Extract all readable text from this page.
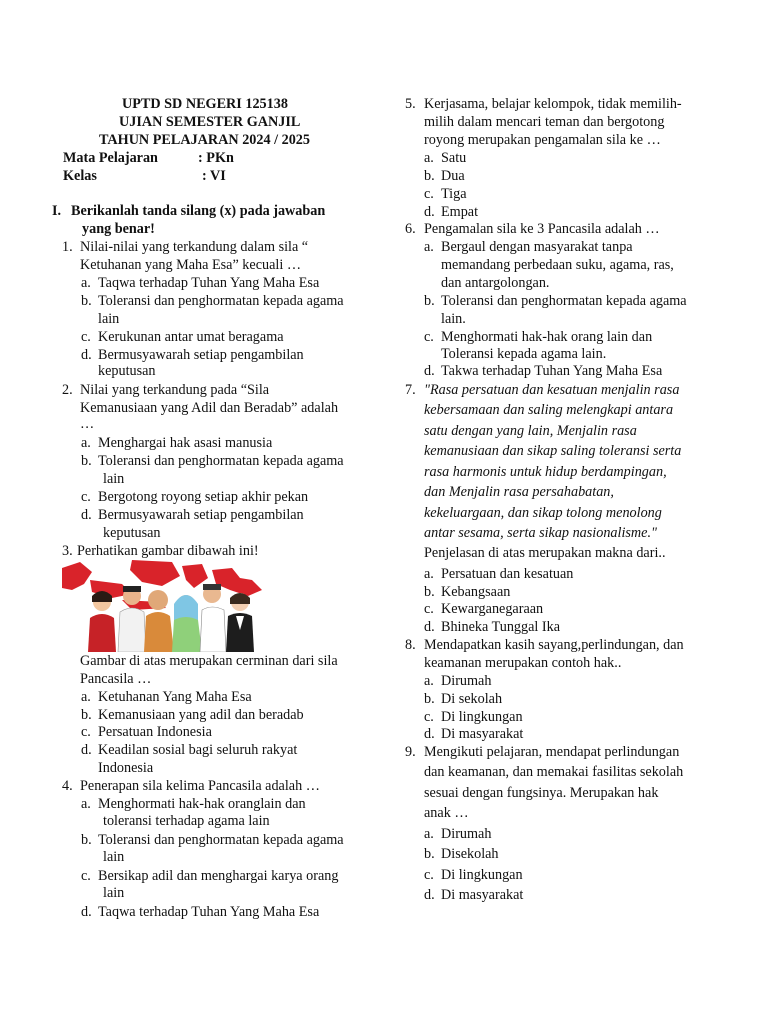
UPTD SD NEGERI 125138
UJIAN SEMESTER GANJIL
TAHUN PELAJARAN 2024 / 2025
Mata Pelajaran	: PKn
Kelas	: VI
I. Berikanlah tanda silang (x) pada jawaban
yang benar!
1. Nilai-nilai yang terkandung dalam sila “
Ketuhanan yang Maha Esa” kecuali …
a. Taqwa terhadap Tuhan Yang Maha Esa
b. Toleransi dan penghormatan kepada agama
lain
c. Kerukunan antar umat beragama
d. Bermusyawarah setiap pengambilan
keputusan
2. Nilai yang terkandung pada “Sila
Kemanusiaan yang Adil dan Beradab” adalah
…
a. Menghargai hak asasi manusia
b. Toleransi dan penghormatan kepada agama
lain
c. Bergotong royong setiap akhir pekan
d. Bermusyawarah setiap pengambilan
keputusan
3. Perhatikan gambar dibawah ini!
Gambar di atas merupakan cerminan dari sila
Pancasila …
a. Ketuhanan Yang Maha Esa
b. Kemanusiaan yang adil dan beradab
c. Persatuan Indonesia
d. Keadilan sosial bagi seluruh rakyat
Indonesia
4. Penerapan sila kelima Pancasila adalah …
a. Menghormati hak-hak oranglain dan
toleransi terhadap agama lain
b. Toleransi dan penghormatan kepada agama
lain
c. Bersikap adil dan menghargai karya orang
lain
d. Taqwa terhadap Tuhan Yang Maha Esa
5. Kerjasama, belajar kelompok, tidak memilih-
milih dalam mencari teman dan bergotong
royong merupakan pengamalan sila ke …
a. Satu
b. Dua
c. Tiga
d. Empat
6. Pengamalan sila ke 3 Pancasila adalah …
a. Bergaul dengan masyarakat tanpa
memandang perbedaan suku, agama, ras,
dan antargolongan.
b. Toleransi dan penghormatan kepada agama
lain.
c. Menghormati hak-hak orang lain dan
Toleransi kepada agama lain.
d. Takwa terhadap Tuhan Yang Maha Esa
7. "Rasa persatuan dan kesatuan menjalin rasa
kebersamaan dan saling melengkapi antara
satu dengan yang lain, Menjalin rasa
kemanusiaan dan sikap saling toleransi serta
rasa harmonis untuk hidup berdampingan,
dan Menjalin rasa persahabatan,
kekeluargaan, dan sikap tolong menolong
antar sesama, serta sikap nasionalisme."
Penjelasan di atas merupakan makna dari..
a. Persatuan dan kesatuan
b. Kebangsaan
c. Kewarganegaraan
d. Bhineka Tunggal Ika
8. Mendapatkan kasih sayang,perlindungan, dan
keamanan merupakan contoh hak..
a. Dirumah
b. Di sekolah
c. Di lingkungan
d. Di masyarakat
9. Mengikuti pelajaran, mendapat perlindungan
dan keamanan, dan memakai fasilitas sekolah
sesuai dengan fungsinya. Merupakan hak
anak …
a. Dirumah
b. Disekolah
c. Di lingkungan
d. Di masyarakat
